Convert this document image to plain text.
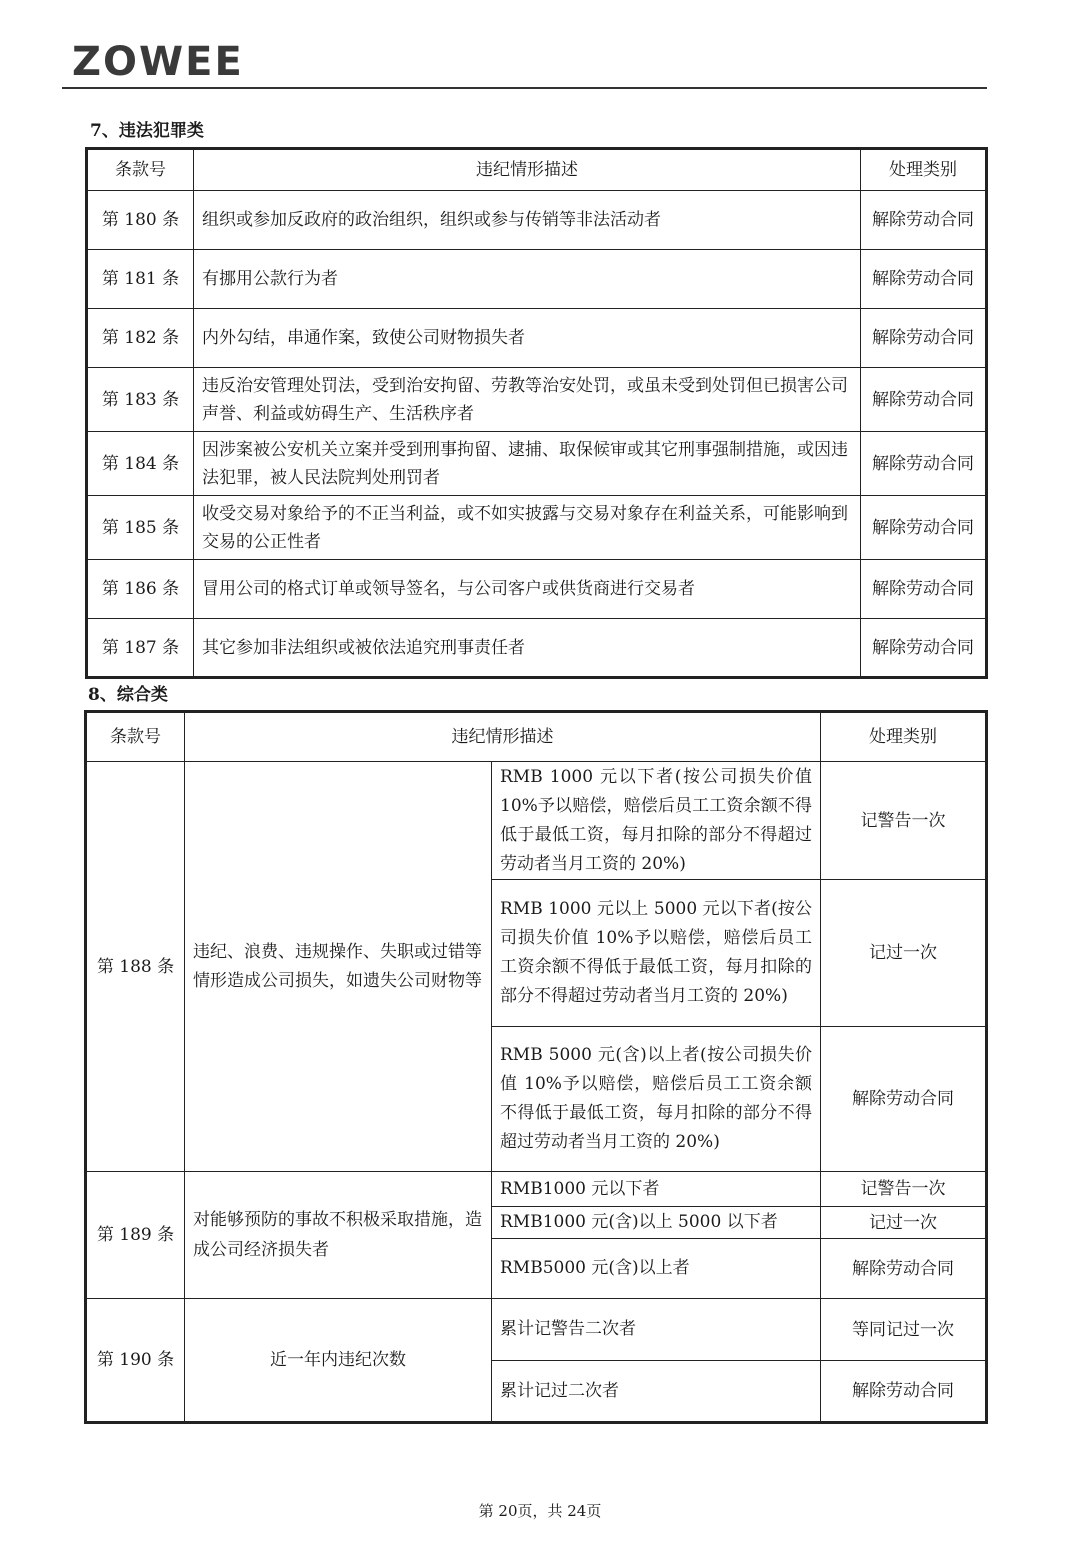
ZOWEE
7、违法犯罪类
条款号	违纪情形描述	处理类别
第 180 条	组织或参加反政府的政治组织，组织或参与传销等非法活动者	解除劳动合同
第 181 条	有挪用公款行为者	解除劳动合同
第 182 条	内外勾结，串通作案，致使公司财物损失者	解除劳动合同
第 183 条	违反治安管理处罚法，受到治安拘留、劳教等治安处罚，或虽未受到处罚但已损害公司声誉、利益或妨碍生产、生活秩序者	解除劳动合同
第 184 条	因涉案被公安机关立案并受到刑事拘留、逮捕、取保候审或其它刑事强制措施，或因违法犯罪，被人民法院判处刑罚者	解除劳动合同
第 185 条	收受交易对象给予的不正当利益，或不如实披露与交易对象存在利益关系，可能影响到交易的公正性者	解除劳动合同
第 186 条	冒用公司的格式订单或领导签名，与公司客户或供货商进行交易者	解除劳动合同
第 187 条	其它参加非法组织或被依法追究刑事责任者	解除劳动合同
8、综合类
条款号	违纪情形描述		处理类别
第 188 条	违纪、浪费、违规操作、失职或过错等情形造成公司损失，如遗失公司财物等	RMB 1000 元以下者(按公司损失价值10%予以赔偿，赔偿后员工工资余额不得低于最低工资，每月扣除的部分不得超过劳动者当月工资的 20%)	记警告一次
		RMB 1000 元以上 5000 元以下者(按公司损失价值 10%予以赔偿，赔偿后员工工资余额不得低于最低工资，每月扣除的部分不得超过劳动者当月工资的 20%)	记过一次
		RMB 5000 元(含)以上者(按公司损失价值 10%予以赔偿，赔偿后员工工资余额不得低于最低工资，每月扣除的部分不得超过劳动者当月工资的 20%)	解除劳动合同
第 189 条	对能够预防的事故不积极采取措施，造成公司经济损失者	RMB1000 元以下者	记警告一次
		RMB1000 元(含)以上 5000 以下者	记过一次
		RMB5000 元(含)以上者	解除劳动合同
第 190 条	近一年内违纪次数	累计记警告二次者	等同记过一次
		累计记过二次者	解除劳动合同
第 20页，共 24页
